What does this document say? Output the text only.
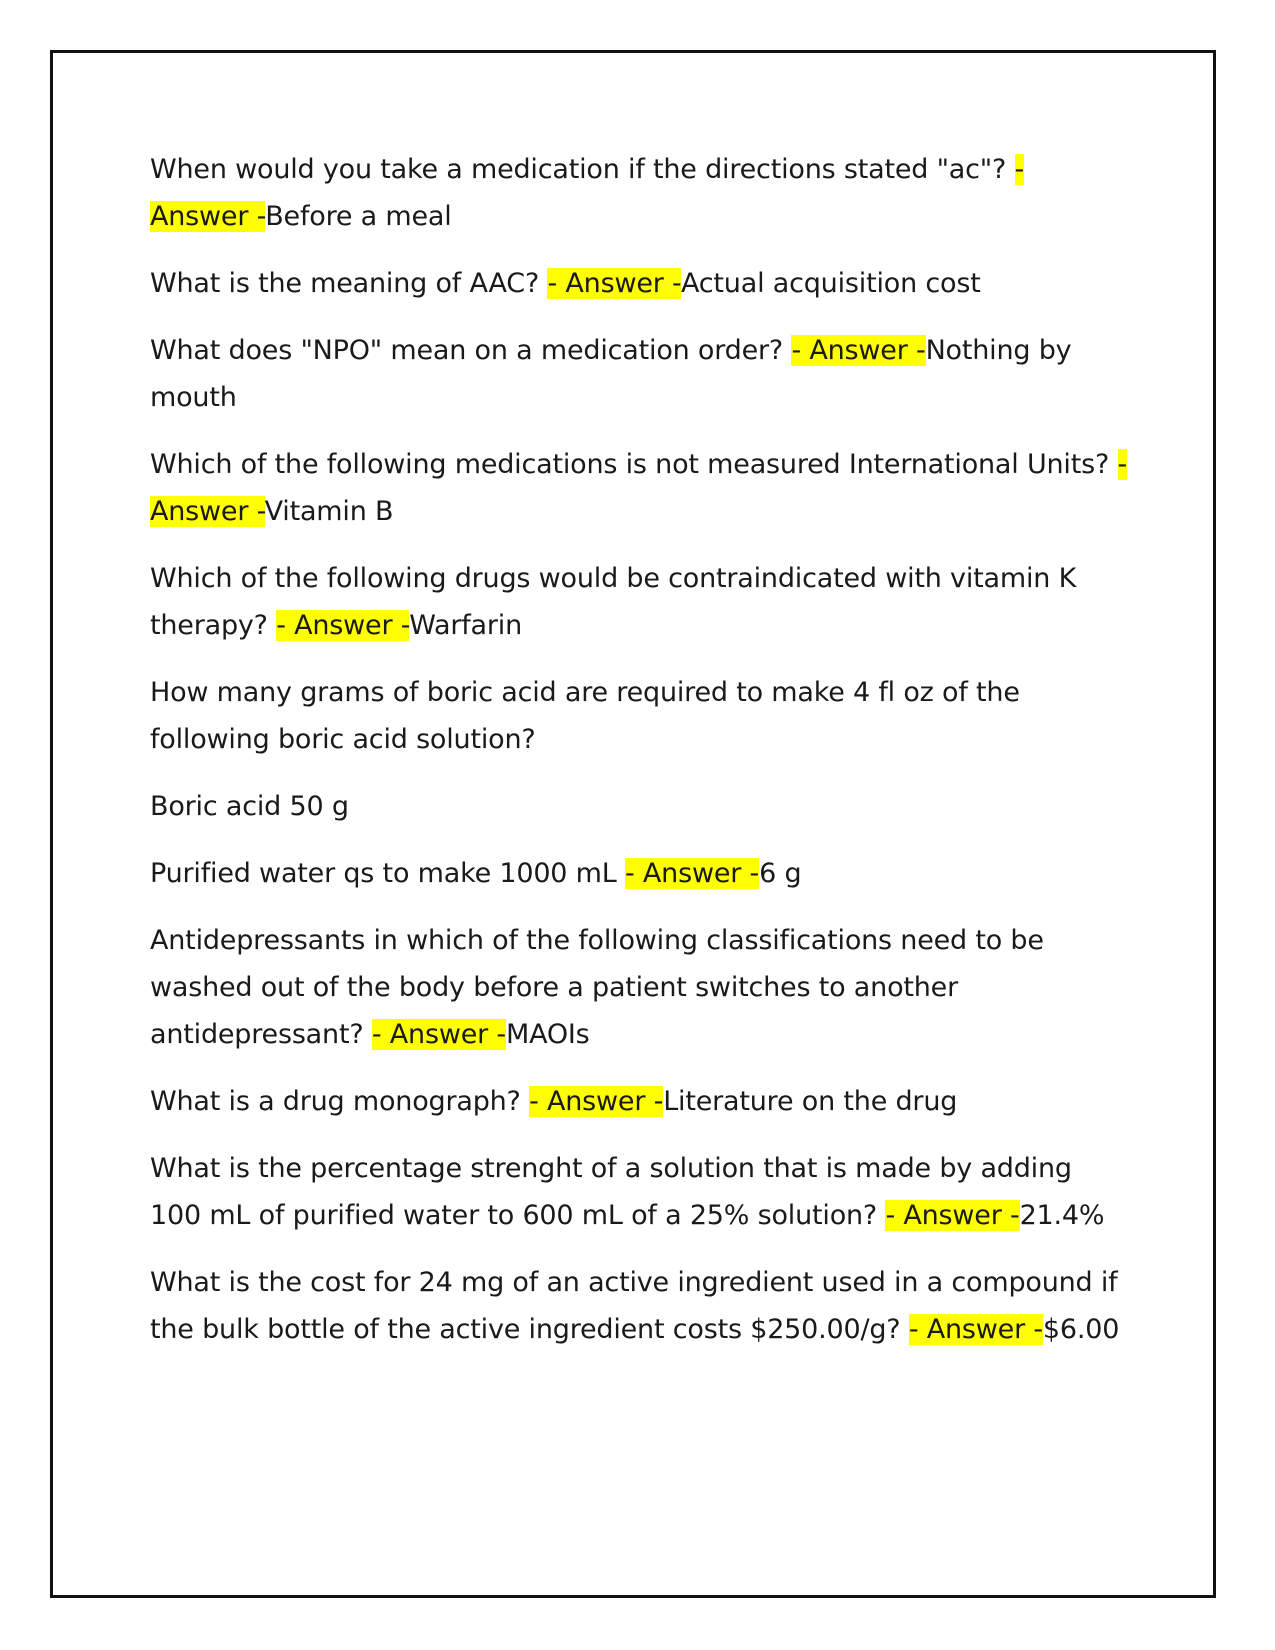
When would you take a medication if the directions stated "ac"? - Answer -Before a meal

What is the meaning of AAC? - Answer -Actual acquisition cost

What does "NPO" mean on a medication order? - Answer -Nothing by mouth

Which of the following medications is not measured International Units? - Answer -Vitamin B

Which of the following drugs would be contraindicated with vitamin K therapy? - Answer -Warfarin

How many grams of boric acid are required to make 4 fl oz of the following boric acid solution?

Boric acid 50 g

Purified water qs to make 1000 mL - Answer -6 g

Antidepressants in which of the following classifications need to be washed out of the body before a patient switches to another antidepressant? - Answer -MAOIs

What is a drug monograph? - Answer -Literature on the drug

What is the percentage strenght of a solution that is made by adding 100 mL of purified water to 600 mL of a 25% solution? - Answer -21.4%

What is the cost for 24 mg of an active ingredient used in a compound if the bulk bottle of the active ingredient costs $250.00/g? - Answer -$6.00
